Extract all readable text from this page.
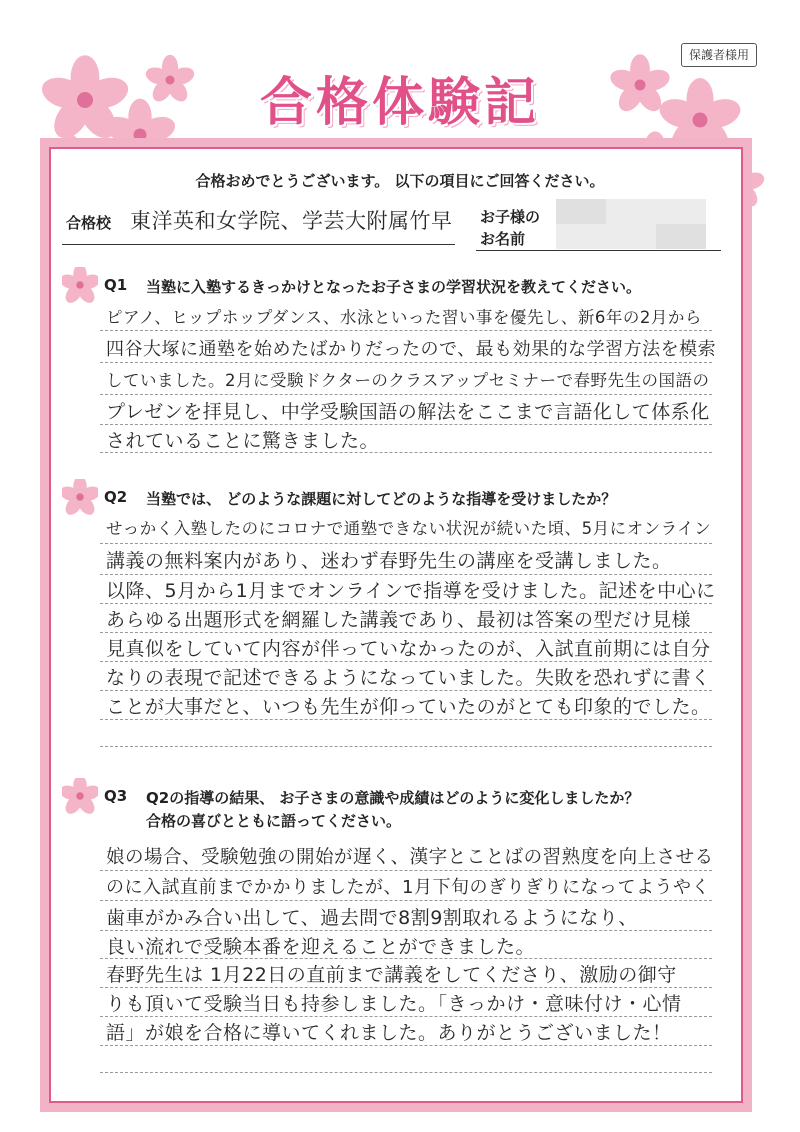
保護者様用
合格体験記
合格おめでとうございます。 以下の項目にご回答ください。
合格校 東洋英和女学院、学芸大附属竹早 お子様の
お名前
Q1 当塾に入塾するきっかけとなったお子さまの学習状況を教えてください。
ピアノ、ヒップホップダンス、水泳といった習い事を優先し、新6年の2月から
四谷大塚に通塾を始めたばかりだったので、最も効果的な学習方法を模索
していました。2月に受験ドクターのクラスアップセミナーで春野先生の国語の
プレゼンを拝見し、中学受験国語の解法をここまで言語化して体系化
されていることに驚きました。
Q2 当塾では、 どのような課題に対してどのような指導を受けましたか？
せっかく入塾したのにコロナで通塾できない状況が続いた頃、5月にオンライン
講義の無料案内があり、迷わず春野先生の講座を受講しました。
以降、5月から1月までオンラインで指導を受けました。記述を中心に
あらゆる出題形式を網羅した講義であり、最初は答案の型だけ見様
見真似をしていて内容が伴っていなかったのが、入試直前期には自分
なりの表現で記述できるようになっていました。失敗を恐れずに書く
ことが大事だと、いつも先生が仰っていたのがとても印象的でした。
Q3 Q2の指導の結果、 お子さまの意識や成績はどのように変化しましたか？
合格の喜びとともに語ってください。
娘の場合、受験勉強の開始が遅く、漢字とことばの習熟度を向上させる
のに入試直前までかかりましたが、1月下旬のぎりぎりになってようやく
歯車がかみ合い出して、過去問で8割9割取れるようになり、
良い流れで受験本番を迎えることができました。
春野先生は 1月22日の直前まで講義をしてくださり、激励の御守
りも頂いて受験当日も持参しました。「きっかけ・意味付け・心情
語」が娘を合格に導いてくれました。ありがとうございました！
